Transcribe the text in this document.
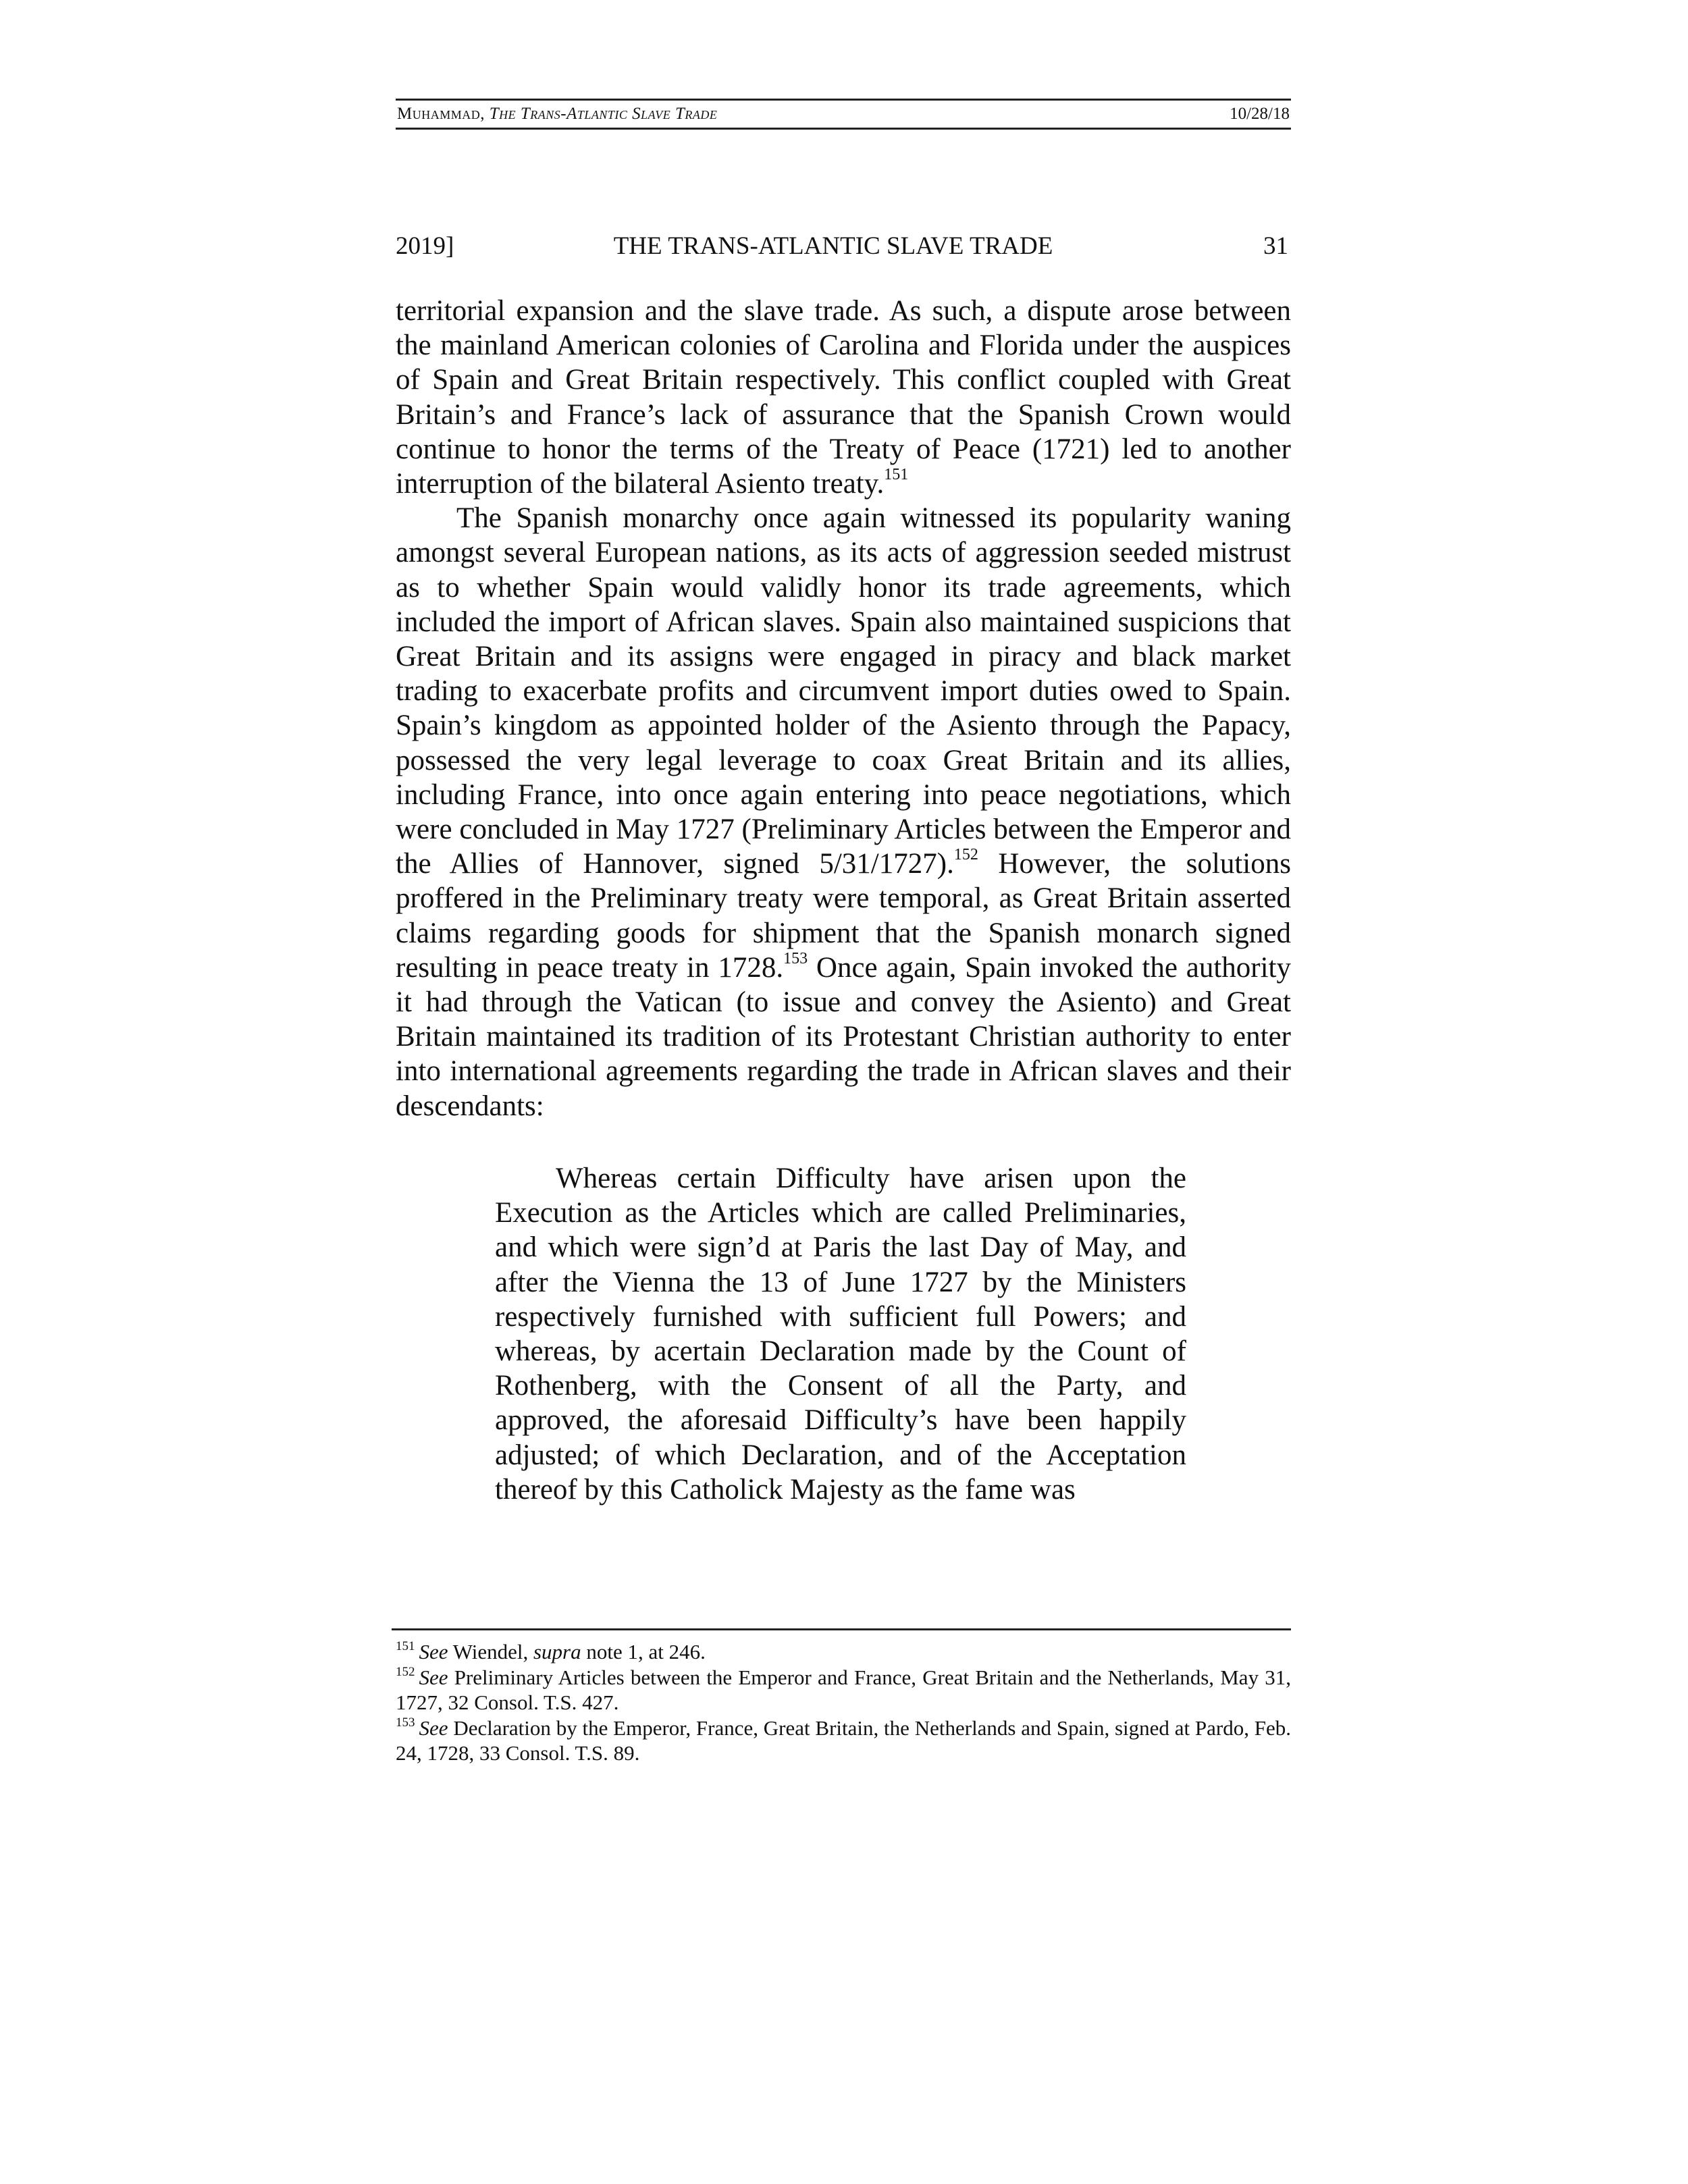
Muhammad, The Trans-Atlantic Slave Trade	10/28/18
2019]	THE TRANS-ATLANTIC SLAVE TRADE	31

territorial expansion and the slave trade. As such, a dispute arose between the mainland American colonies of Carolina and Florida under the auspices of Spain and Great Britain respectively. This conflict coupled with Great Britain’s and France’s lack of assurance that the Spanish Crown would continue to honor the terms of the Treaty of Peace (1721) led to another interruption of the bilateral Asiento treaty.$^{151}$

The Spanish monarchy once again witnessed its popularity waning amongst several European nations, as its acts of aggression seeded mistrust as to whether Spain would validly honor its trade agreements, which included the import of African slaves. Spain also maintained suspicions that Great Britain and its assigns were engaged in piracy and black market trading to exacerbate profits and circumvent import duties owed to Spain. Spain’s kingdom as appointed holder of the Asiento through the Papacy, possessed the very legal leverage to coax Great Britain and its allies, including France, into once again entering into peace negotiations, which were concluded in May 1727 (Preliminary Articles between the Emperor and the Allies of Hannover, signed 5/31/1727).$^{152}$ However, the solutions proffered in the Preliminary treaty were temporal, as Great Britain asserted claims regarding goods for shipment that the Spanish monarch signed resulting in peace treaty in 1728.$^{153}$ Once again, Spain invoked the authority it had through the Vatican (to issue and convey the Asiento) and Great Britain maintained its tradition of its Protestant Christian authority to enter into international agreements regarding the trade in African slaves and their descendants:

Whereas certain Difficulty have arisen upon the Execution as the Articles which are called Preliminaries, and which were sign’d at Paris the last Day of May, and after the Vienna the 13 of June 1727 by the Ministers respectively furnished with sufficient full Powers; and whereas, by acertain Declaration made by the Count of Rothenberg, with the Consent of all the Party, and approved, the aforesaid Difficulty’s have been happily adjusted; of which Declaration, and of the Acceptation thereof by this Catholick Majesty as the fame was

$^{151}$ See Wiendel, supra note 1, at 246.

$^{152}$ See Preliminary Articles between the Emperor and France, Great Britain and the Netherlands, May 31, 1727, 32 Consol. T.S. 427.

$^{153}$ See Declaration by the Emperor, France, Great Britain, the Netherlands and Spain, signed at Pardo, Feb. 24, 1728, 33 Consol. T.S. 89.
